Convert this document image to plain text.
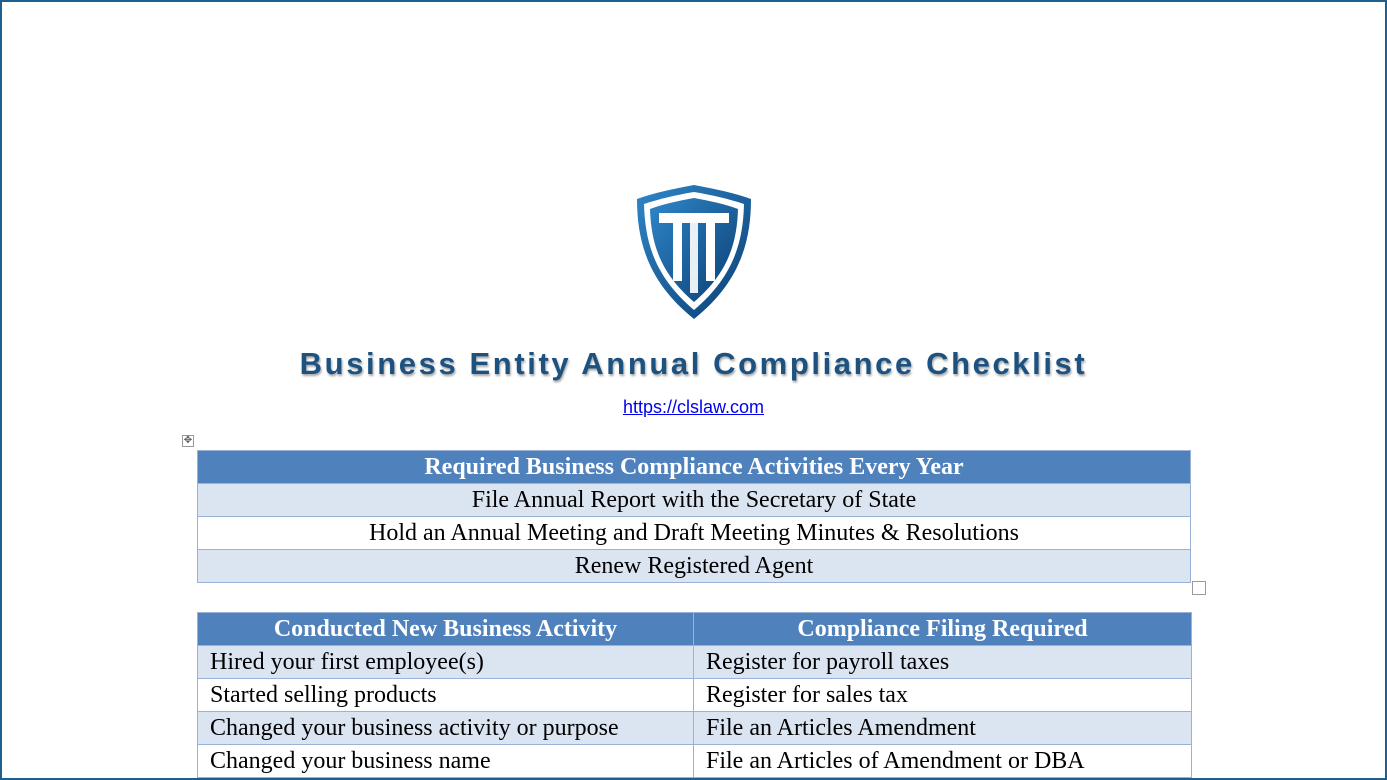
Business Entity Annual Compliance Checklist
https://clslaw.com
✥
Required Business Compliance Activities Every Year
File Annual Report with the Secretary of State
Hold an Annual Meeting and Draft Meeting Minutes & Resolutions
Renew Registered Agent
Conducted New Business Activity	Compliance Filing Required
Hired your first employee(s)	Register for payroll taxes
Started selling products	Register for sales tax
Changed your business activity or purpose	File an Articles Amendment
Changed your business name	File an Articles of Amendment or DBA
